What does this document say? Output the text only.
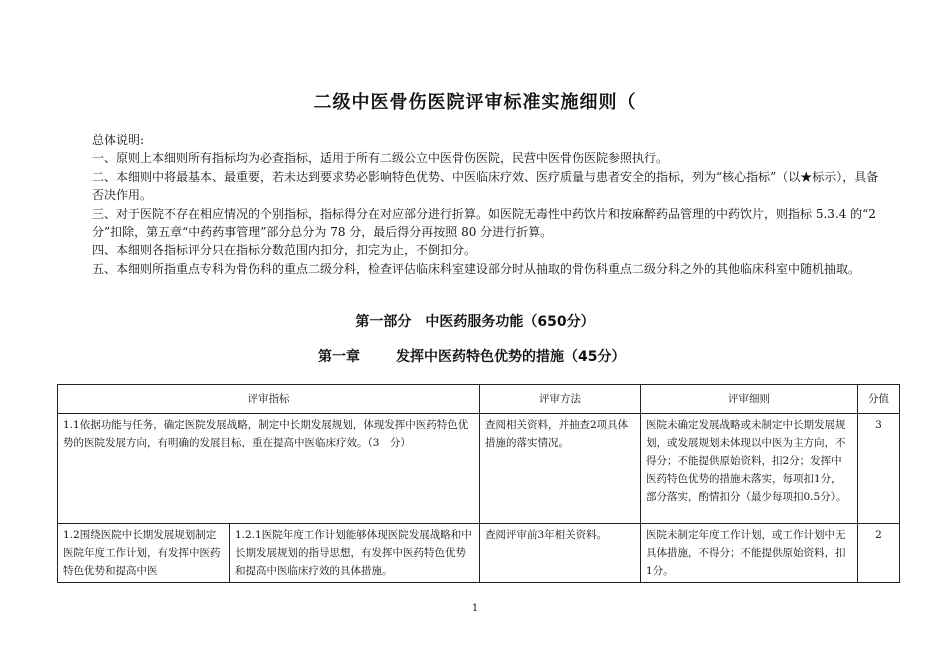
二级中医骨伤医院评审标准实施细则（

总体说明:

一、原则上本细则所有指标均为必查指标，适用于所有二级公立中医骨伤医院，民营中医骨伤医院参照执行。

二、本细则中将最基本、最重要，若未达到要求势必影响特色优势、中医临床疗效、医疗质量与患者安全的指标，列为“核心指标”（以★标示），具备否决作用。

三、对于医院不存在相应情况的个别指标，指标得分在对应部分进行折算。如医院无毒性中药饮片和按麻醉药品管理的中药饮片，则指标 5.3.4 的“2分”扣除，第五章“中药药事管理”部分总分为 78 分，最后得分再按照 80 分进行折算。

四、本细则各指标评分只在指标分数范围内扣分，扣完为止，不倒扣分。

五、本细则所指重点专科为骨伤科的重点二级分科，检查评估临床科室建设部分时从抽取的骨伤科重点二级分科之外的其他临床科室中随机抽取。

第一部分　中医药服务功能（650分）
第一章	发挥中医药特色优势的措施（45分）
评审指标		评审方法	评审细则	分值
1.1依据功能与任务，确定医院发展战略，制定中长期发展规划，体现发挥中医药特色优势的医院发展方向，有明确的发展目标，重在提高中医临床疗效。（3　分）		查阅相关资料，并抽查2项具体措施的落实情况。	医院未确定发展战略或未制定中长期发展规划，或发展规划未体现以中医为主方向，不得分；不能提供原始资料，扣2分；发挥中医药特色优势的措施未落实，每项扣1分，部分落实，酌情扣分（最少每项扣0.5分）。	3
1.2围绕医院中长期发展规划制定医院年度工作计划，有发挥中医药特色优势和提高中医	1.2.1医院年度工作计划能够体现医院发展战略和中长期发展规划的指导思想，有发挥中医药特色优势和提高中医临床疗效的具体措施。	查阅评审前3年相关资料。	医院未制定年度工作计划，或工作计划中无具体措施，不得分；不能提供原始资料，扣1分。	2
1
